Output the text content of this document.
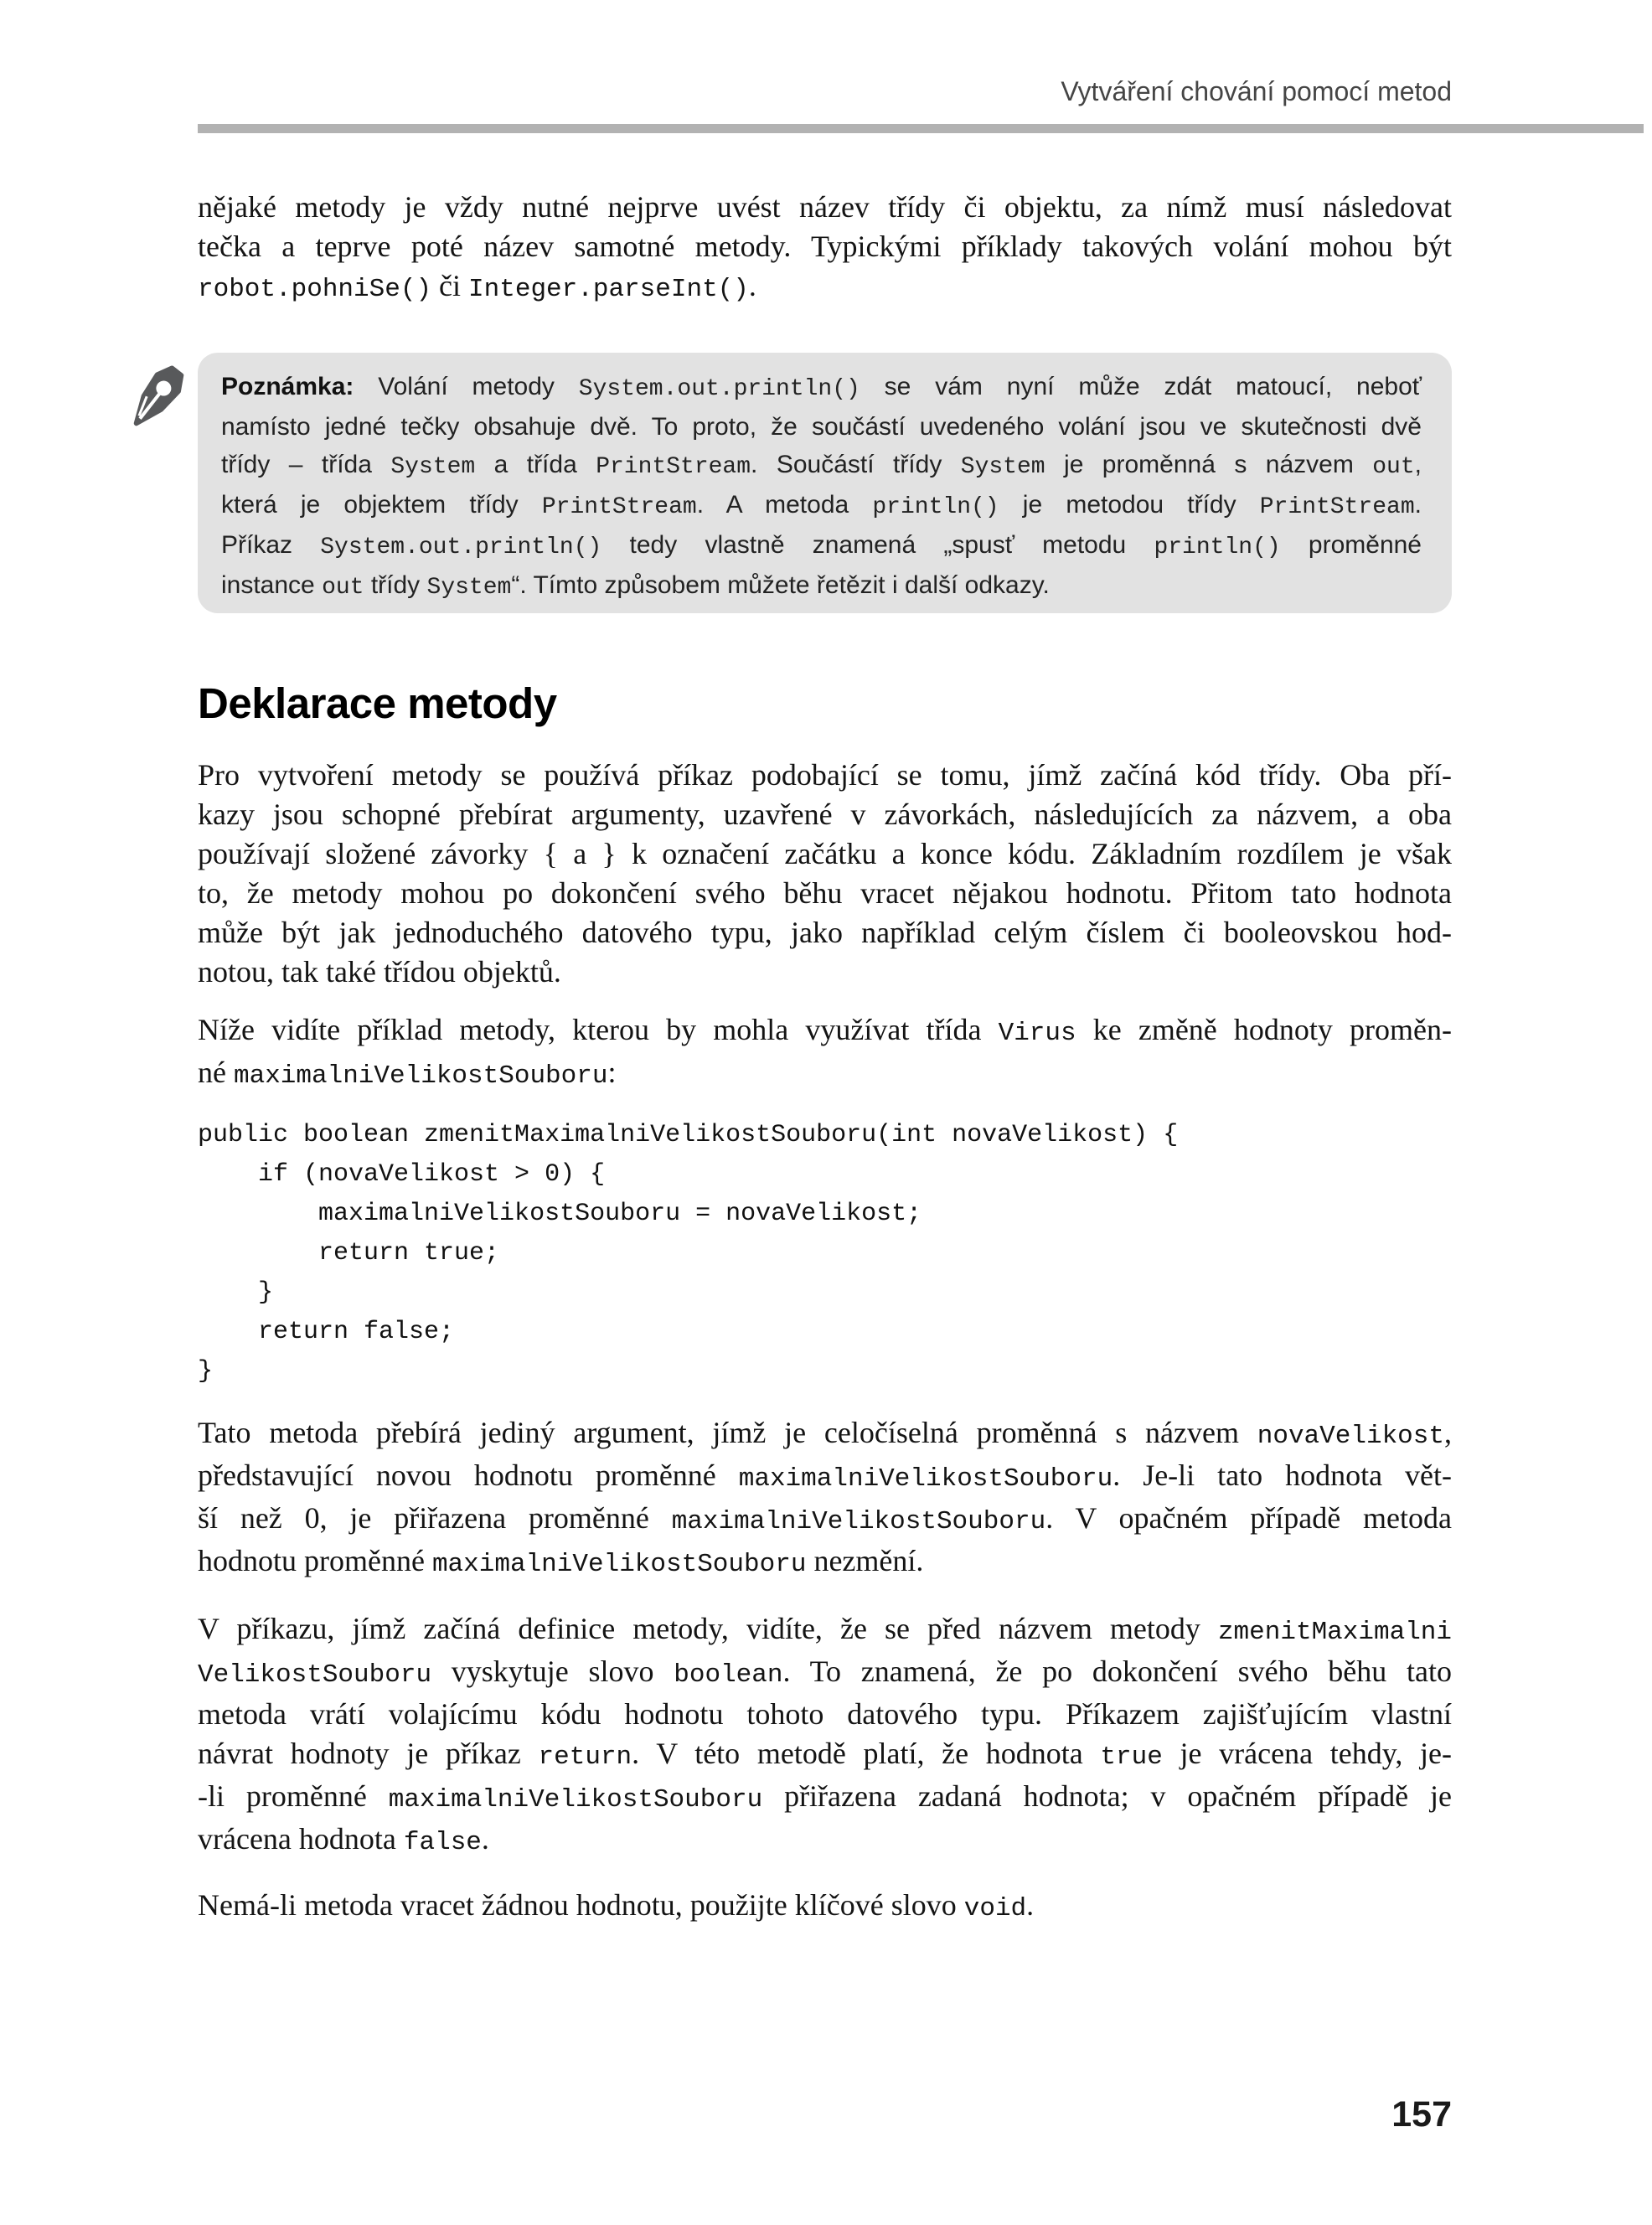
Vytváření chování pomocí metod
nějaké metody je vždy nutné nejprve uvést název třídy či objektu, za nímž musí následovat
tečka a teprve poté název samotné metody. Typickými příklady takových volání mohou být
robot.pohniSe() či Integer.parseInt().
Poznámka: Volání metody System.out.println() se vám nyní může zdát matoucí, neboť
namísto jedné tečky obsahuje dvě. To proto, že součástí uvedeného volání jsou ve skutečnosti dvě
třídy – třída System a třída PrintStream. Součástí třídy System je proměnná s názvem out,
která je objektem třídy PrintStream. A metoda println() je metodou třídy PrintStream.
Příkaz System.out.println() tedy vlastně znamená „spusť metodu println() proměnné
instance out třídy System“. Tímto způsobem můžete řetězit i další odkazy.
Deklarace metody
Pro vytvoření metody se používá příkaz podobající se tomu, jímž začíná kód třídy. Oba pří-
kazy jsou schopné přebírat argumenty, uzavřené v závorkách, následujících za názvem, a oba
používají složené závorky { a } k označení začátku a konce kódu. Základním rozdílem je však
to, že metody mohou po dokončení svého běhu vracet nějakou hodnotu. Přitom tato hodnota
může být jak jednoduchého datového typu, jako například celým číslem či booleovskou hod-
notou, tak také třídou objektů.
Níže vidíte příklad metody, kterou by mohla využívat třída Virus ke změně hodnoty proměn-
né maximalniVelikostSouboru:
public boolean zmenitMaximalniVelikostSouboru(int novaVelikost) {
if (novaVelikost > 0) {
maximalniVelikostSouboru = novaVelikost;
return true;
}
return false;
}
Tato metoda přebírá jediný argument, jímž je celočíselná proměnná s názvem novaVelikost,
představující novou hodnotu proměnné maximalniVelikostSouboru. Je-li tato hodnota vět-
ší než 0, je přiřazena proměnné maximalniVelikostSouboru. V opačném případě metoda
hodnotu proměnné maximalniVelikostSouboru nezmění.
V příkazu, jímž začíná definice metody, vidíte, že se před názvem metody zmenitMaximalni
VelikostSouboru vyskytuje slovo boolean. To znamená, že po dokončení svého běhu tato
metoda vrátí volajícímu kódu hodnotu tohoto datového typu. Příkazem zajišťujícím vlastní
návrat hodnoty je příkaz return. V této metodě platí, že hodnota true je vrácena tehdy, je-
-li proměnné maximalniVelikostSouboru přiřazena zadaná hodnota; v opačném případě je
vrácena hodnota false.
Nemá-li metoda vracet žádnou hodnotu, použijte klíčové slovo void.
157
